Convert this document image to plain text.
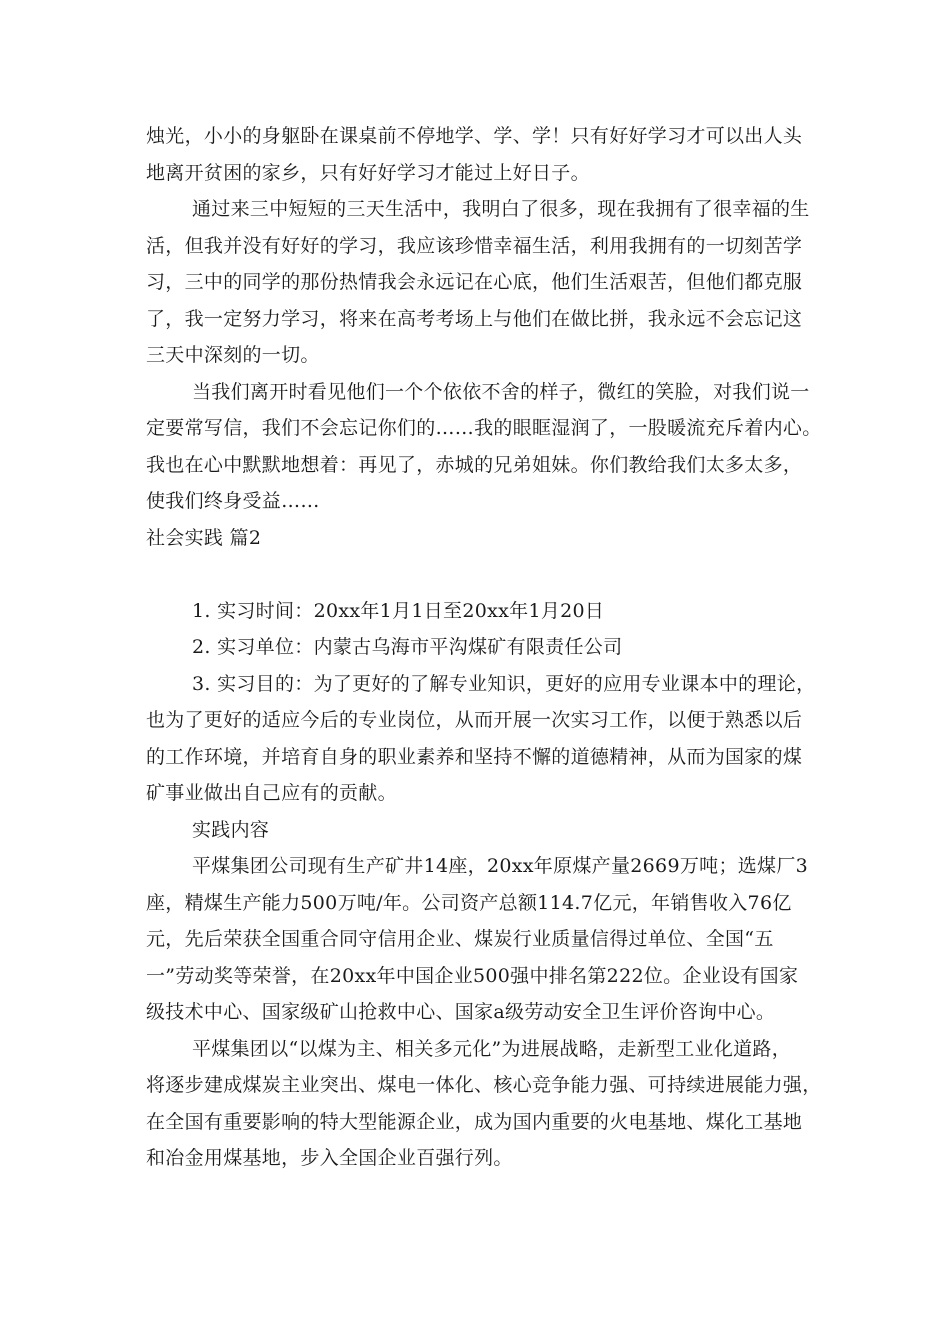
烛光，小小的身躯卧在课桌前不停地学、学、学！只有好好学习才可以出人头
地离开贫困的家乡，只有好好学习才能过上好日子。
通过来三中短短的三天生活中，我明白了很多，现在我拥有了很幸福的生
活，但我并没有好好的学习，我应该珍惜幸福生活，利用我拥有的一切刻苦学
习，三中的同学的那份热情我会永远记在心底，他们生活艰苦，但他们都克服
了，我一定努力学习，将来在高考考场上与他们在做比拼，我永远不会忘记这
三天中深刻的一切。
当我们离开时看见他们一个个依依不舍的样子，微红的笑脸，对我们说一
定要常写信，我们不会忘记你们的……我的眼眶湿润了，一股暖流充斥着内心。
我也在心中默默地想着：再见了，赤城的兄弟姐妹。你们教给我们太多太多，
使我们终身受益……
社会实践 篇2
1. 实习时间：20xx年1月1日至20xx年1月20日
2. 实习单位：内蒙古乌海市平沟煤矿有限责任公司
3. 实习目的：为了更好的了解专业知识，更好的应用专业课本中的理论，
也为了更好的适应今后的专业岗位，从而开展一次实习工作，以便于熟悉以后
的工作环境，并培育自身的职业素养和坚持不懈的道德精神，从而为国家的煤
矿事业做出自己应有的贡献。
实践内容
平煤集团公司现有生产矿井14座，20xx年原煤产量2669万吨；选煤厂3
座，精煤生产能力500万吨/年。公司资产总额114.7亿元，年销售收入76亿
元，先后荣获全国重合同守信用企业、煤炭行业质量信得过单位、全国“五
一”劳动奖等荣誉，在20xx年中国企业500强中排名第222位。企业设有国家
级技术中心、国家级矿山抢救中心、国家a级劳动安全卫生评价咨询中心。
平煤集团以“以煤为主、相关多元化”为进展战略，走新型工业化道路，
将逐步建成煤炭主业突出、煤电一体化、核心竞争能力强、可持续进展能力强，
在全国有重要影响的特大型能源企业，成为国内重要的火电基地、煤化工基地
和冶金用煤基地，步入全国企业百强行列。
